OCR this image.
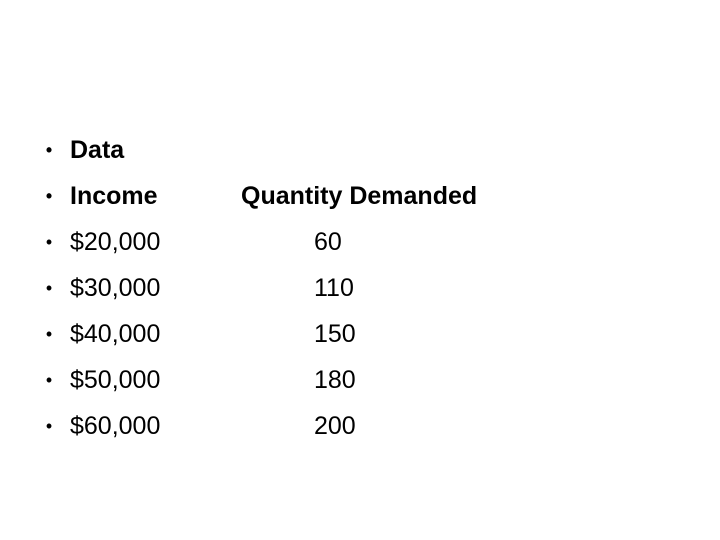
• Data
• Income	Quantity Demanded
• $20,000	60
• $30,000	110
• $40,000	150
• $50,000	180
• $60,000	200
